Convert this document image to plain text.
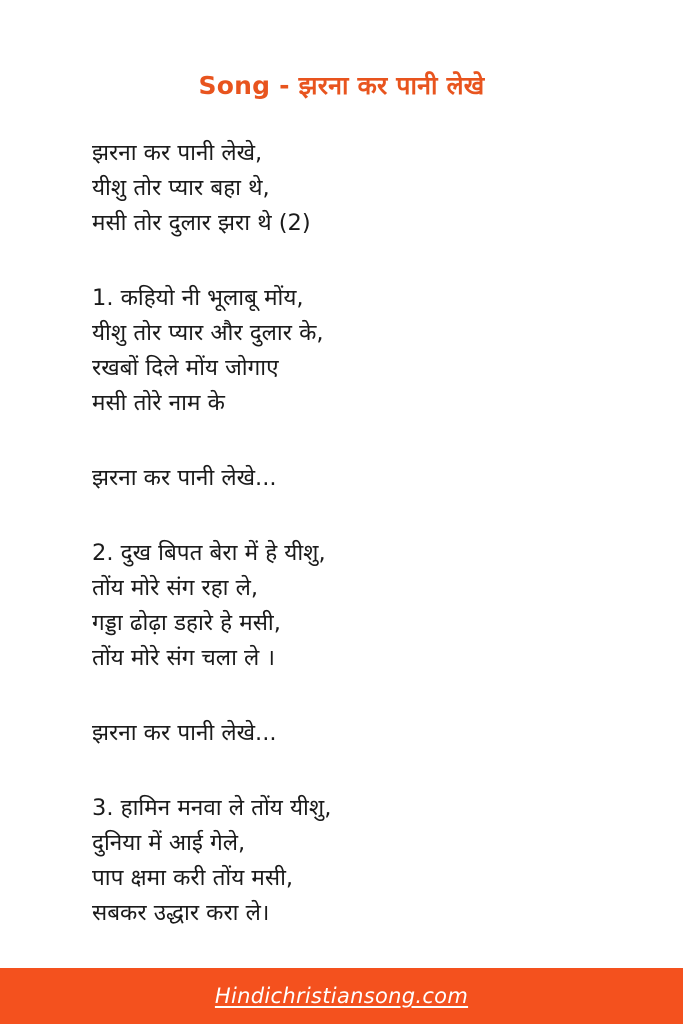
Song - झरना कर पानी लेखे
झरना कर पानी लेखे,
यीशु तोर प्यार बहा थे,
मसी तोर दुलार झरा थे (2)
1. कहियो नी भूलाबू मोंय,
यीशु तोर प्यार और दुलार के,
रखबों दिले मोंय जोगाए
मसी तोरे नाम के
झरना कर पानी लेखे...
2. दुख बिपत बेरा में हे यीशु,
तोंय मोरे संग रहा ले,
गड्डा ढोढ़ा डहारे हे मसी,
तोंय मोरे संग चला ले ।
झरना कर पानी लेखे...
3. हामिन मनवा ले तोंय यीशु,
दुनिया में आई गेले,
पाप क्षमा करी तोंय मसी,
सबकर उद्धार करा ले।
Hindichristiansong.com
